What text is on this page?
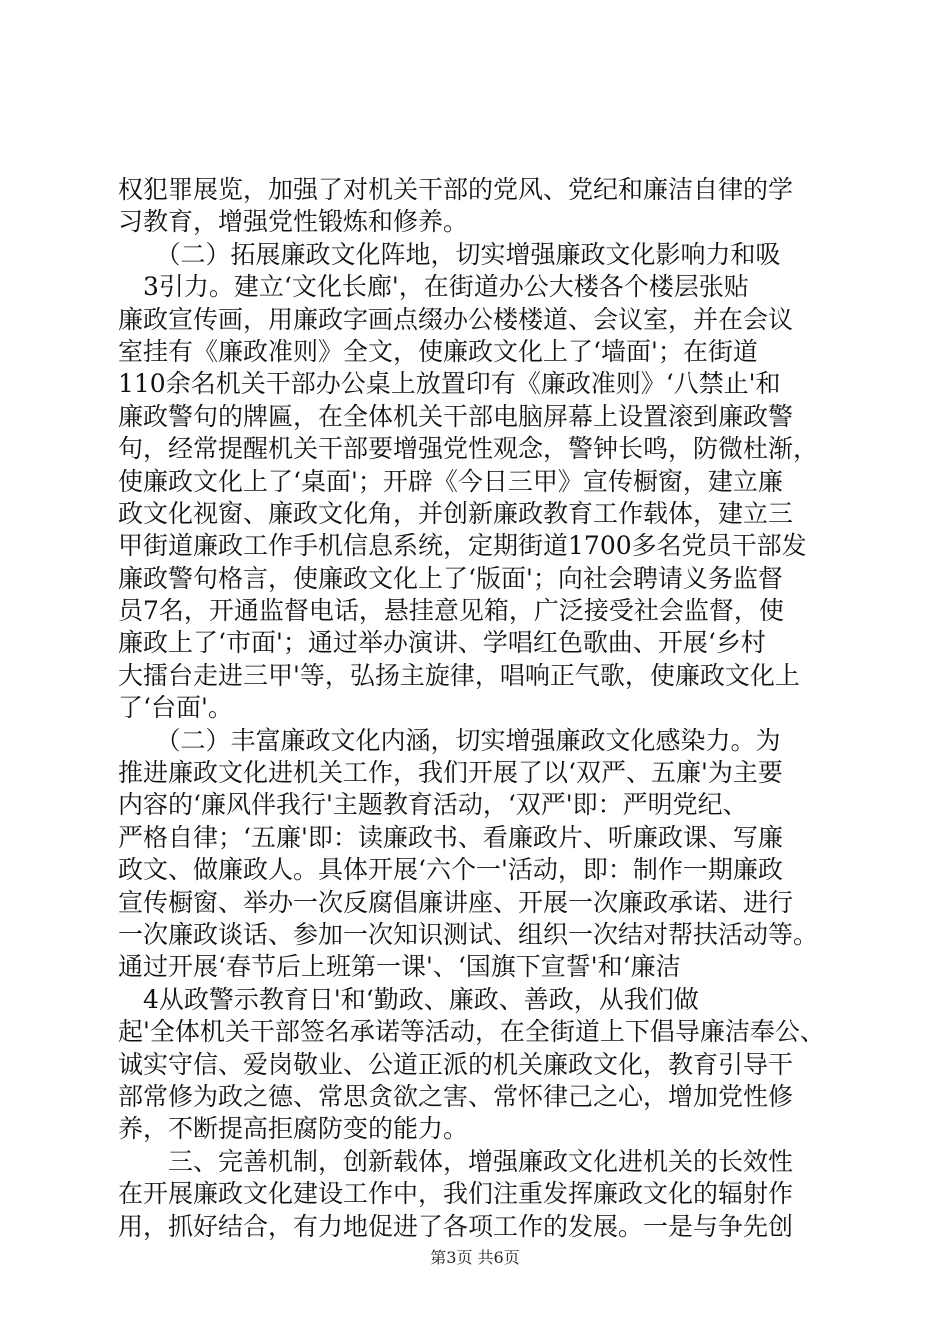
权犯罪展览，加强了对机关干部的党风、党纪和廉洁自律的学
习教育，增强党性锻炼和修养。
　　（二）拓展廉政文化阵地，切实增强廉政文化影响力和吸
　3引力。建立‘文化长廊'，在街道办公大楼各个楼层张贴
廉政宣传画，用廉政字画点缀办公楼楼道、会议室，并在会议
室挂有《廉政准则》全文，使廉政文化上了‘墙面'；在街道
110余名机关干部办公桌上放置印有《廉政准则》‘八禁止'和
廉政警句的牌匾，在全体机关干部电脑屏幕上设置滚到廉政警
句，经常提醒机关干部要增强党性观念，警钟长鸣，防微杜渐，
使廉政文化上了‘桌面'；开辟《今日三甲》宣传橱窗，建立廉
政文化视窗、廉政文化角，并创新廉政教育工作载体，建立三
甲街道廉政工作手机信息系统，定期街道1700多名党员干部发
廉政警句格言，使廉政文化上了‘版面'；向社会聘请义务监督
员7名，开通监督电话，悬挂意见箱，广泛接受社会监督，使
廉政上了‘市面'；通过举办演讲、学唱红色歌曲、开展‘乡村
大擂台走进三甲'等，弘扬主旋律，唱响正气歌，使廉政文化上
了‘台面'。
　　（二）丰富廉政文化内涵，切实增强廉政文化感染力。为
推进廉政文化进机关工作，我们开展了以‘双严、五廉'为主要
内容的‘廉风伴我行'主题教育活动，‘双严'即：严明党纪、
严格自律；‘五廉'即：读廉政书、看廉政片、听廉政课、写廉
政文、做廉政人。具体开展‘六个一'活动，即：制作一期廉政
宣传橱窗、举办一次反腐倡廉讲座、开展一次廉政承诺、进行
一次廉政谈话、参加一次知识测试、组织一次结对帮扶活动等。
通过开展‘春节后上班第一课'、‘国旗下宣誓'和‘廉洁
　4从政警示教育日'和‘勤政、廉政、善政，从我们做
起'全体机关干部签名承诺等活动，在全街道上下倡导廉洁奉公、
诚实守信、爱岗敬业、公道正派的机关廉政文化，教育引导干
部常修为政之德、常思贪欲之害、常怀律己之心，增加党性修
养，不断提高拒腐防变的能力。
　　三、完善机制，创新载体，增强廉政文化进机关的长效性
在开展廉政文化建设工作中，我们注重发挥廉政文化的辐射作
用，抓好结合，有力地促进了各项工作的发展。一是与争先创
第3页 共6页
